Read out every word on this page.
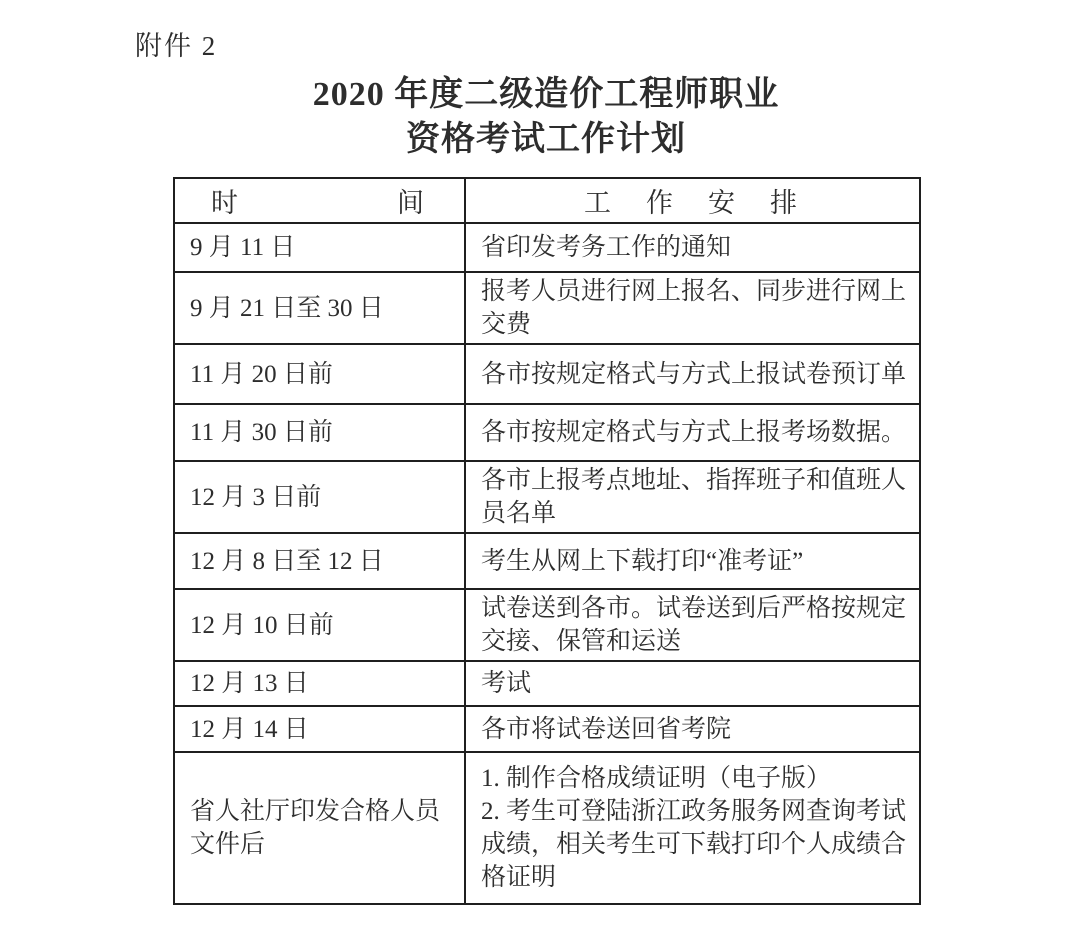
附件 2
2020 年度二级造价工程师职业
资格考试工作计划
时　　　　　间	工　作　安　排
9 月 11 日	省印发考务工作的通知
9 月 21 日至 30 日	报考人员进行网上报名、同步进行网上交费
11 月 20 日前	各市按规定格式与方式上报试卷预订单
11 月 30 日前	各市按规定格式与方式上报考场数据。
12 月 3 日前	各市上报考点地址、指挥班子和值班人员名单
12 月 8 日至 12 日	考生从网上下载打印“准考证”
12 月 10 日前	试卷送到各市。试卷送到后严格按规定交接、保管和运送
12 月 13 日	考试
12 月 14 日	各市将试卷送回省考院
省人社厅印发合格人员文件后	1. 制作合格成绩证明（电子版）

2. 考生可登陆浙江政务服务网查询考试成绩，相关考生可下载打印个人成绩合格证明
